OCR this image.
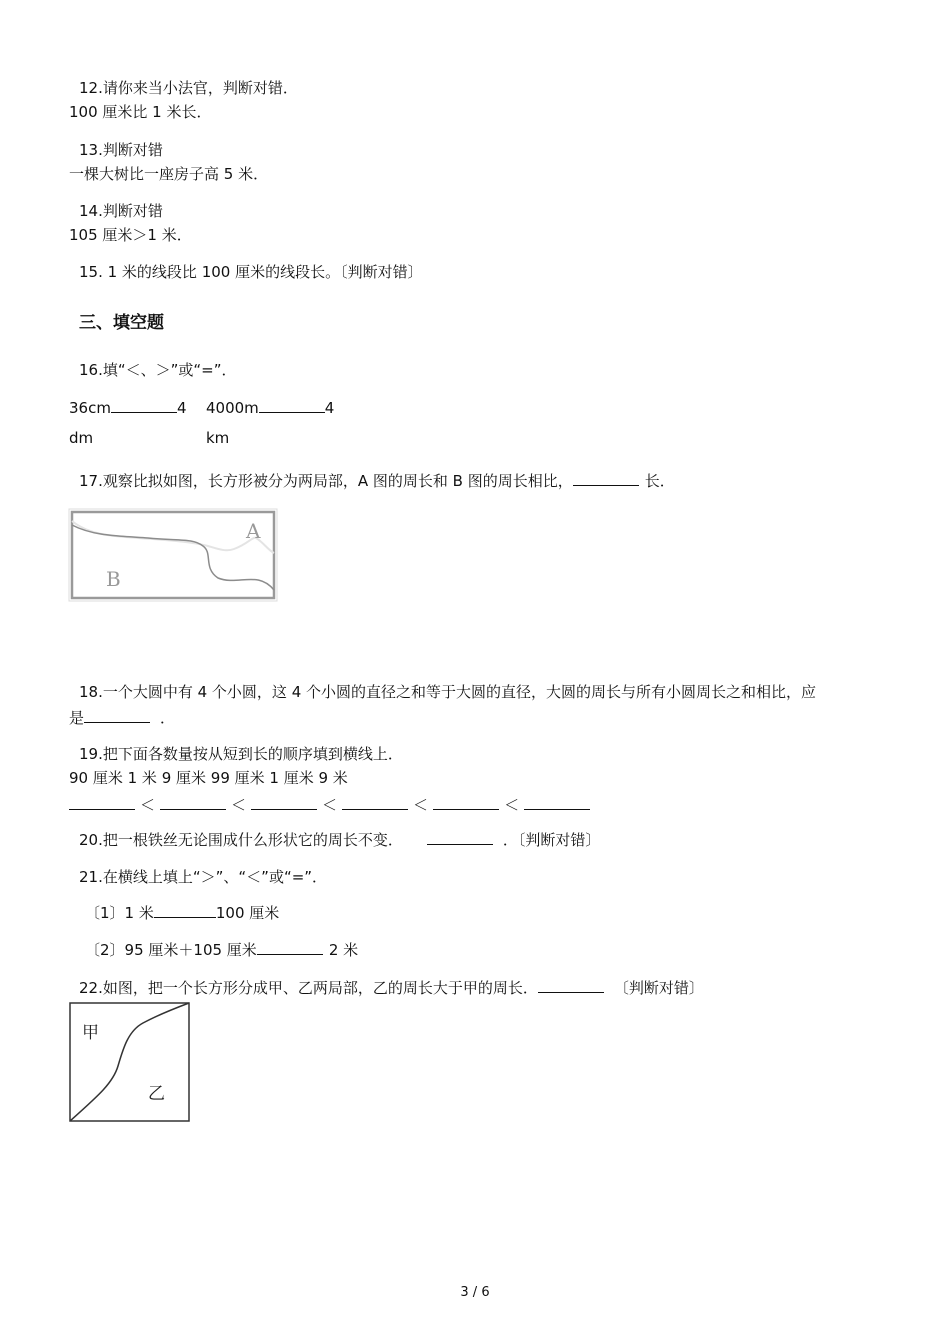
12.请你来当小法官，判断对错．
100 厘米比 1 米长．
13.判断对错
一棵大树比一座房子高 5 米．
14.判断对错
105 厘米＞1 米．
15. 1 米的线段比 100 厘米的线段长。〔判断对错〕
三、填空题
16.填“＜、＞”或“=”．
36cm	4
dm
4000m	4
km
17.观察比拟如图，长方形被分为两局部，A 图的周长和 B 图的周长相比，	长．
A
B
18.一个大圆中有 4 个小圆，这 4 个小圆的直径之和等于大圆的直径，大圆的周长与所有小圆周长之和相比，应
是	．
19.把下面各数量按从短到长的顺序填到横线上．
90 厘米 1 米 9 厘米 99 厘米 1 厘米 9 米
＜	＜	＜	＜	＜
20.把一根铁丝无论围成什么形状它的周长不变．	．〔判断对错〕
21.在横线上填上“＞”、“＜”或“=”．
〔1〕1 米	100 厘米
〔2〕95 厘米＋105 厘米	2 米
22.如图，把一个长方形分成甲、乙两局部，乙的周长大于甲的周长．	〔判断对错〕
甲
乙
3 / 6
